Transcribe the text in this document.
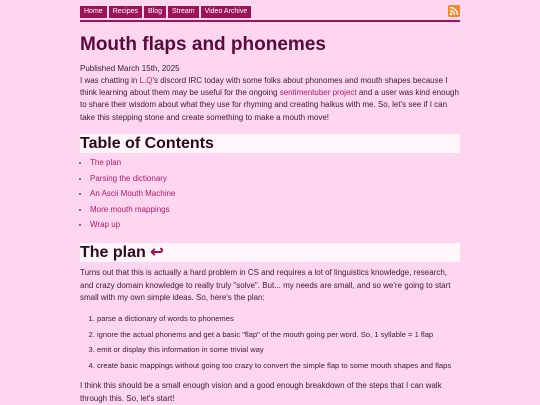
Home Recipes Blog Stream Video Archive
Mouth flaps and phonemes
Published March 15th, 2025
I was chatting in L.Q's discord IRC today with some folks about phonomes and mouth shapes because I think learning about them may be useful for the ongoing sentimentuber project and a user was kind enough to share their wisdom about what they use for rhyming and creating haikus with me. So, let's see if I can take this stepping stone and create something to make a mouth move!
Table of Contents
• The plan
• Parsing the dictionary
• An Ascii Mouth Machine
• More mouth mappings
• Wrap up
The plan ↩
Turns out that this is actually a hard problem in CS and requires a lot of linguistics knowledge, research, and crazy domain knowledge to really truly "solve". But... my needs are small, and so we're going to start small with my own simple ideas. So, here's the plan:
1. parse a dictionary of words to phonemes
2. ignore the actual phonems and get a basic "flap" of the mouth going per word. So, 1 syllable = 1 flap
3. emit or display this information in some trivial way
4. create basic mappings without going too crazy to convert the simple flap to some mouth shapes and flaps
I think this should be a small enough vision and a good enough breakdown of the steps that I can walk through this. So, let's start!
